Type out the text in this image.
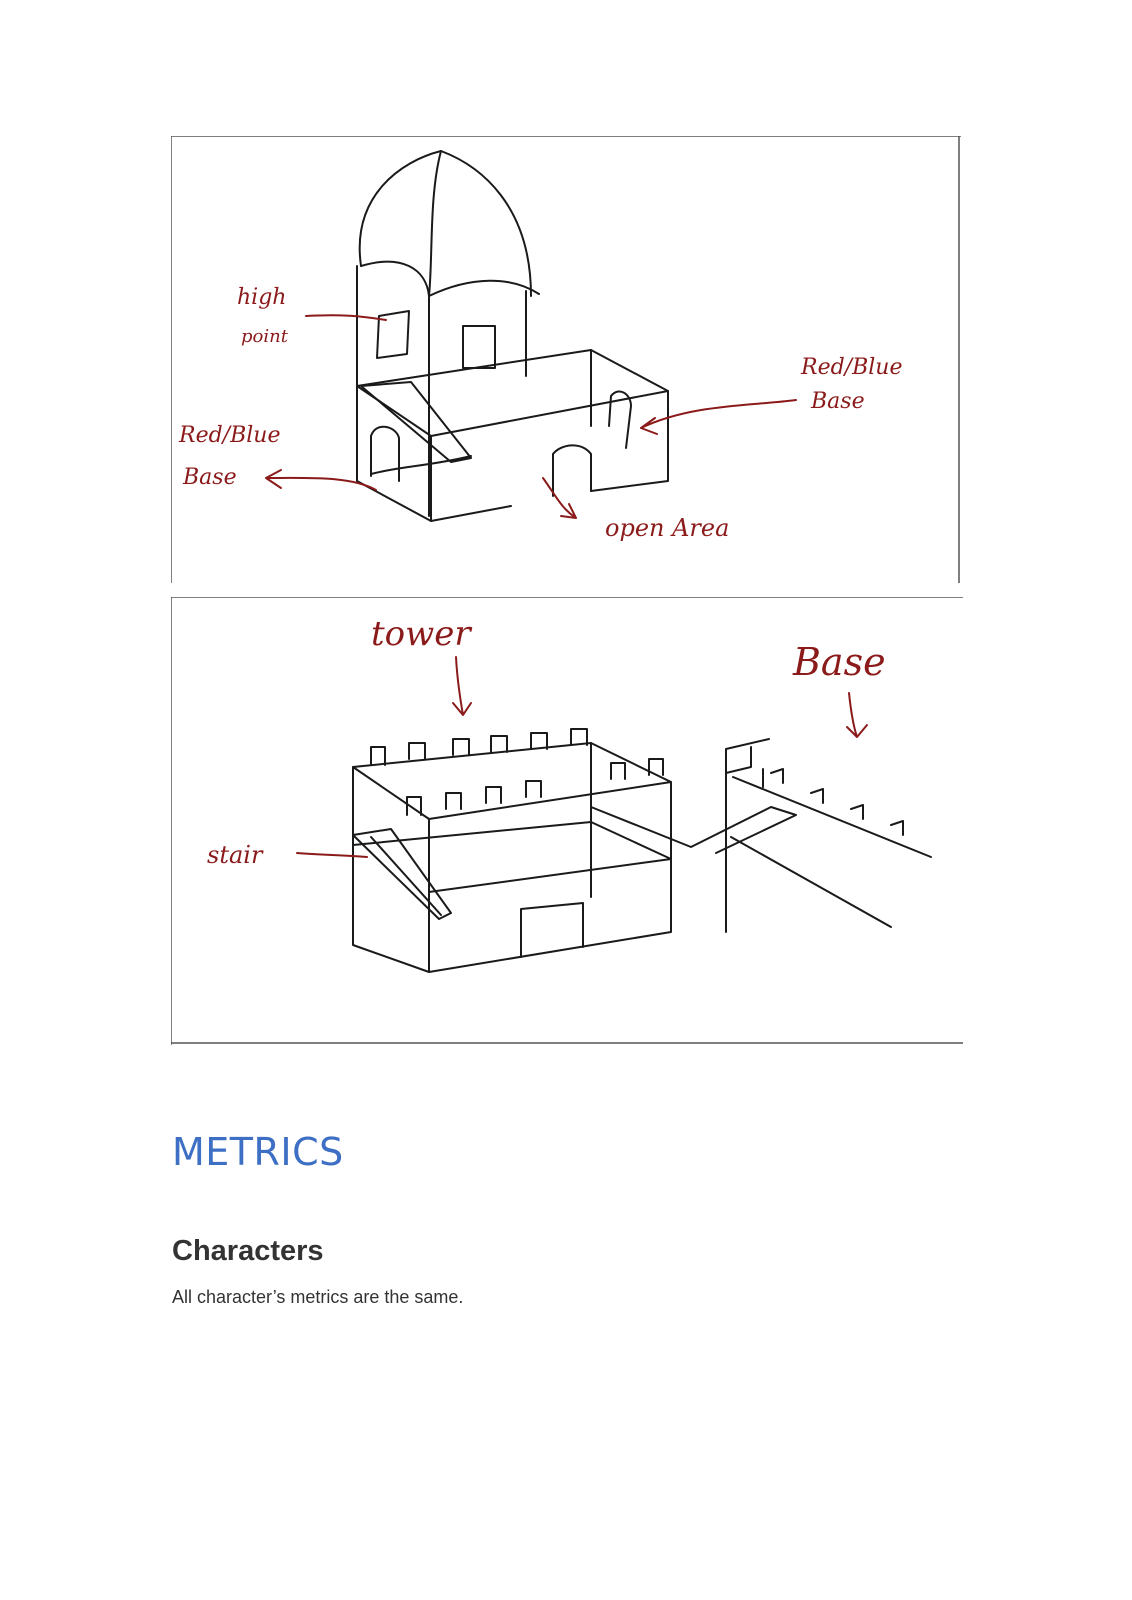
high
point
Red/Blue
Base
Red/Blue
Base
open Area
tower
Base
stair
METRICS
Characters

All character’s metrics are the same.
